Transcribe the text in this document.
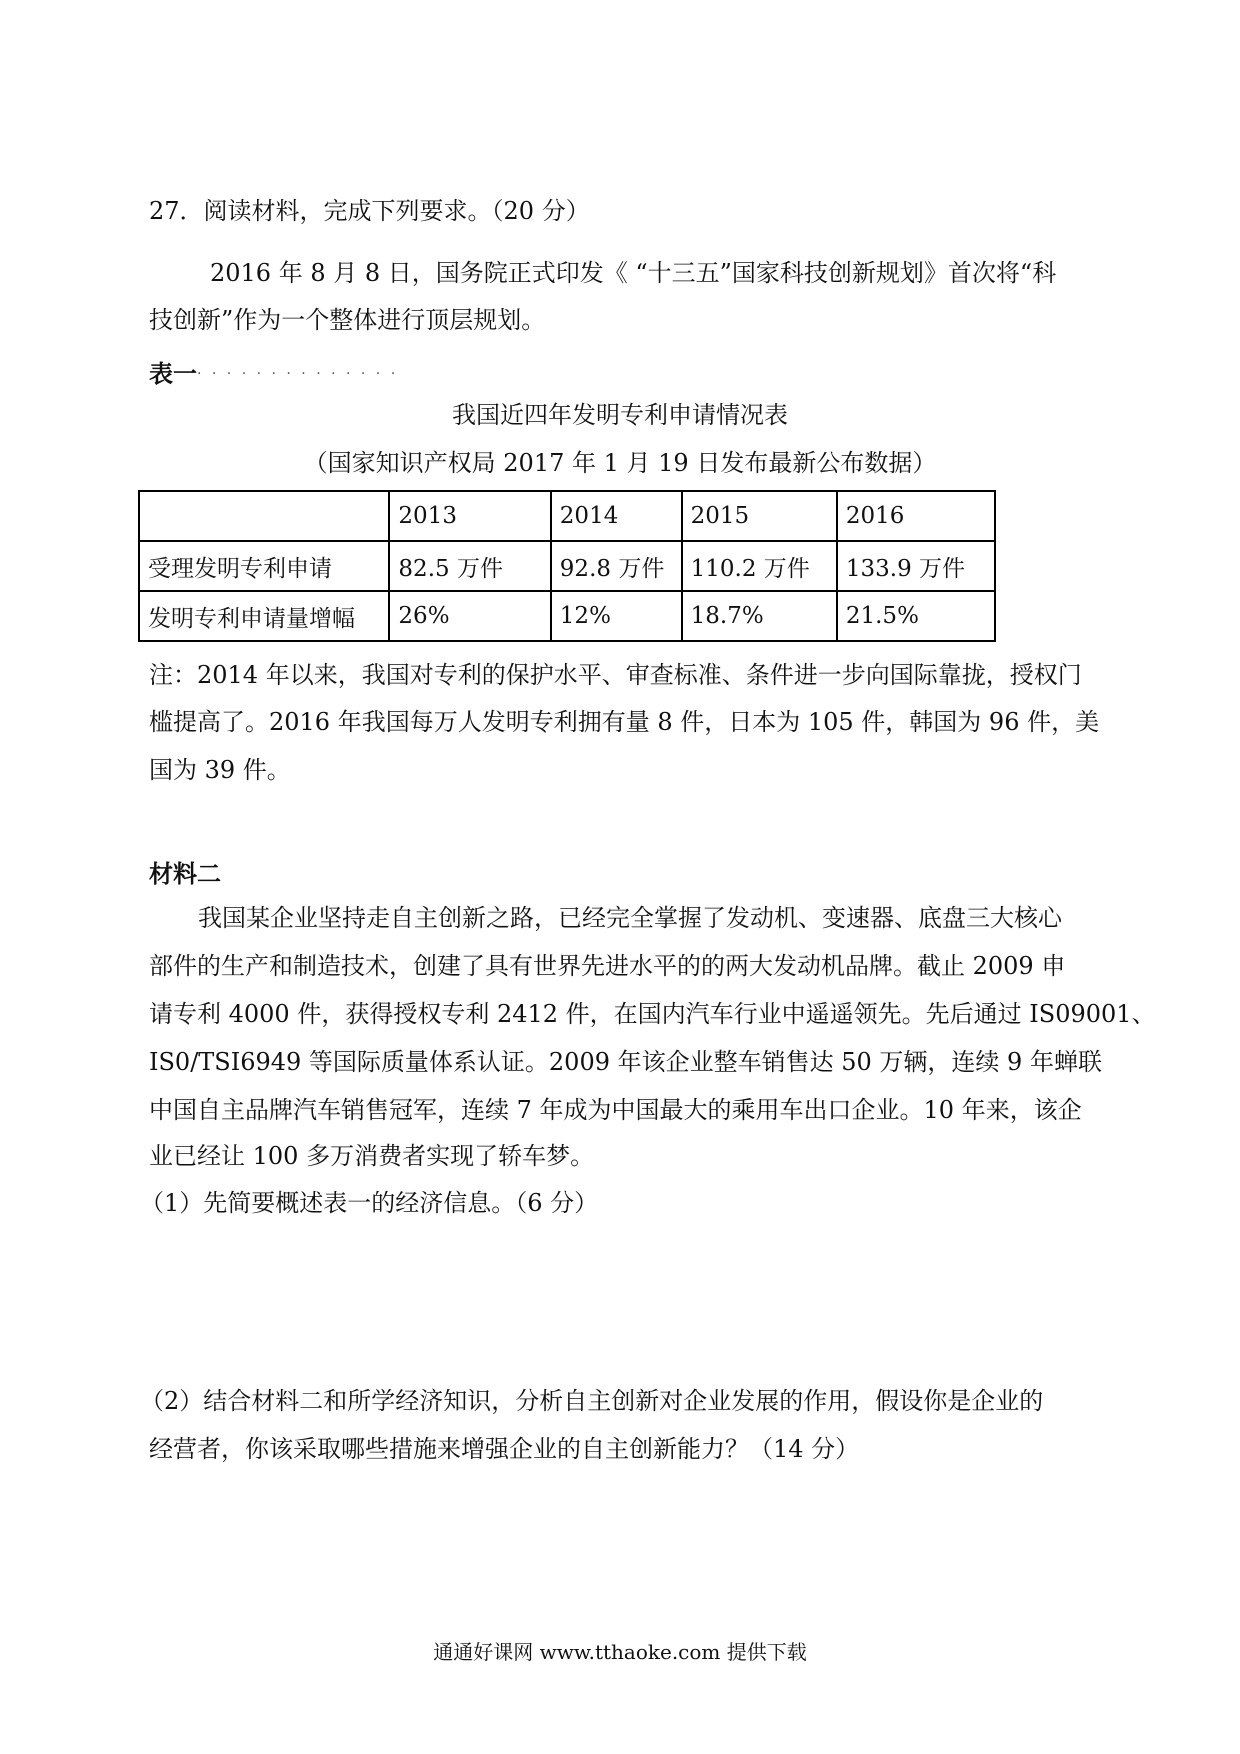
27．阅读材料，完成下列要求。（20 分）
2016 年 8 月 8 日，国务院正式印发《 “十三五”国家科技创新规划》首次将“科
技创新”作为一个整体进行顶层规划。
表一 . . . . . . . . . . . . . .
我国近四年发明专利申请情况表
（国家知识产权局 2017 年 1 月 19 日发布最新公布数据）
	2013	2014	2015	2016
受理发明专利申请	82.5 万件	92.8 万件	110.2 万件	133.9 万件
发明专利申请量增幅	26%	12%	18.7%	21.5%
注：2014 年以来，我国对专利的保护水平、审查标准、条件进一步向国际靠拢，授权门
槛提高了。2016 年我国每万人发明专利拥有量 8 件，日本为 105 件，韩国为 96 件，美
国为 39 件。
材料二
我国某企业坚持走自主创新之路，已经完全掌握了发动机、变速器、底盘三大核心
部件的生产和制造技术，创建了具有世界先进水平的的两大发动机品牌。截止 2009 申
请专利 4000 件，获得授权专利 2412 件，在国内汽车行业中遥遥领先。先后通过 IS09001、
IS0/TSI6949 等国际质量体系认证。2009 年该企业整车销售达 50 万辆，连续 9 年蝉联
中国自主品牌汽车销售冠军，连续 7 年成为中国最大的乘用车出口企业。10 年来，该企
业已经让 100 多万消费者实现了轿车梦。
（1）先简要概述表一的经济信息。（6 分）
（2）结合材料二和所学经济知识，分析自主创新对企业发展的作用，假设你是企业的
经营者，你该采取哪些措施来增强企业的自主创新能力？（14 分）
通通好课网 www.tthaoke.com 提供下载
